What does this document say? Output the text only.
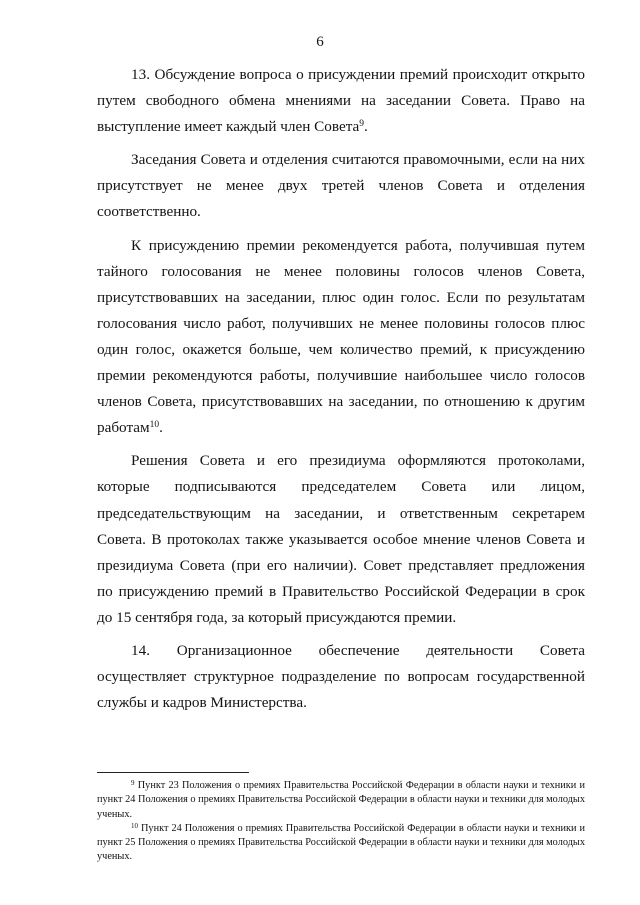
6

13. Обсуждение вопроса о присуждении премий происходит открыто путем свободного обмена мнениями на заседании Совета. Право на выступление имеет каждый член Совета$^9$.

Заседания Совета и отделения считаются правомочными, если на них присутствует не менее двух третей членов Совета и отделения соответственно.

К присуждению премии рекомендуется работа, получившая путем тайного голосования не менее половины голосов членов Совета, присутствовавших на заседании, плюс один голос. Если по результатам голосования число работ, получивших не менее половины голосов плюс один голос, окажется больше, чем количество премий, к присуждению премии рекомендуются работы, получившие наибольшее число голосов членов Совета, присутствовавших на заседании, по отношению к другим работам$^{10}$.

Решения Совета и его президиума оформляются протоколами, которые подписываются председателем Совета или лицом, председательствующим на заседании, и ответственным секретарем Совета. В протоколах также указывается особое мнение членов Совета и президиума Совета (при его наличии). Совет представляет предложения по присуждению премий в Правительство Российской Федерации в срок до 15 сентября года, за который присуждаются премии.

14. Организационное обеспечение деятельности Совета осуществляет структурное подразделение по вопросам государственной службы и кадров Министерства.

$^9$ Пункт 23 Положения о премиях Правительства Российской Федерации в области науки и техники и пункт 24 Положения о премиях Правительства Российской Федерации в области науки и техники для молодых ученых.

$^{10}$ Пункт 24 Положения о премиях Правительства Российской Федерации в области науки и техники и пункт 25 Положения о премиях Правительства Российской Федерации в области науки и техники для молодых ученых.
